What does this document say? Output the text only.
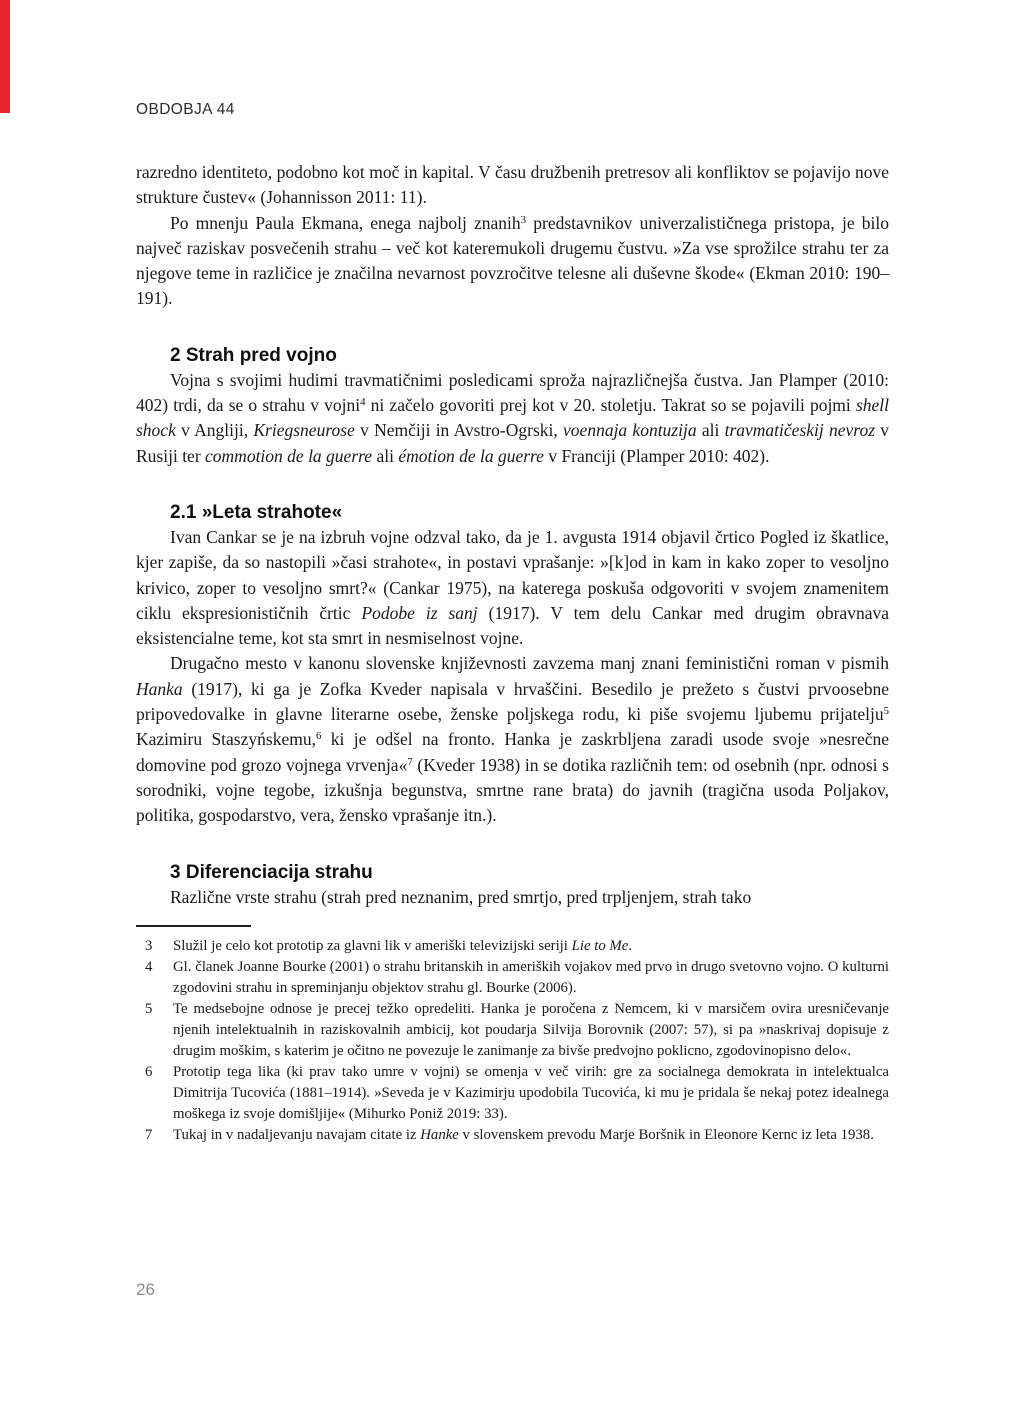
OBDOBJA 44

razredno identiteto, podobno kot moč in kapital. V času družbenih pretresov ali konfliktov se pojavijo nove strukture čustev« (Johannisson 2011: 11).

Po mnenju Paula Ekmana, enega najbolj znanih$^3$ predstavnikov univerzalističnega pristopa, je bilo največ raziskav posvečenih strahu – več kot kateremukoli drugemu čustvu. »Za vse sprožilce strahu ter za njegove teme in različice je značilna nevarnost povzročitve telesne ali duševne škode« (Ekman 2010: 190–191).

2 Strah pred vojno

Vojna s svojimi hudimi travmatičnimi posledicami sproža najrazličnejša čustva. Jan Plamper (2010: 402) trdi, da se o strahu v vojni$^4$ ni začelo govoriti prej kot v 20. stoletju. Takrat so se pojavili pojmi shell shock v Angliji, Kriegsneurose v Nemčiji in Avstro-Ogrski, voennaja kontuzija ali travmatičeskij nevroz v Rusiji ter commotion de la guerre ali émotion de la guerre v Franciji (Plamper 2010: 402).

2.1 »Leta strahote«

Ivan Cankar se je na izbruh vojne odzval tako, da je 1. avgusta 1914 objavil črtico Pogled iz škatlice, kjer zapiše, da so nastopili »časi strahote«, in postavi vprašanje: »[k]od in kam in kako zoper to vesoljno krivico, zoper to vesoljno smrt?« (Cankar 1975), na katerega poskuša odgovoriti v svojem znamenitem ciklu ekspresionističnih črtic Podobe iz sanj (1917). V tem delu Cankar med drugim obravnava eksistencialne teme, kot sta smrt in nesmiselnost vojne.

Drugačno mesto v kanonu slovenske književnosti zavzema manj znani feministični roman v pismih Hanka (1917), ki ga je Zofka Kveder napisala v hrvaščini. Besedilo je prežeto s čustvi prvoosebne pripovedovalke in glavne literarne osebe, ženske poljskega rodu, ki piše svojemu ljubemu prijatelju$^5$ Kazimiru Staszyńskemu,$^6$ ki je odšel na fronto. Hanka je zaskrbljena zaradi usode svoje »nesrečne domovine pod grozo vojnega vrvenja«$^7$ (Kveder 1938) in se dotika različnih tem: od osebnih (npr. odnosi s sorodniki, vojne tegobe, izkušnja begunstva, smrtne rane brata) do javnih (tragična usoda Poljakov, politika, gospodarstvo, vera, žensko vprašanje itn.).

3 Diferenciacija strahu

Različne vrste strahu (strah pred neznanim, pred smrtjo, pred trpljenjem, strah tako

3	Služil je celo kot prototip za glavni lik v ameriški televizijski seriji Lie to Me.
4	Gl. članek Joanne Bourke (2001) o strahu britanskih in ameriških vojakov med prvo in drugo svetovno vojno. O kulturni zgodovini strahu in spreminjanju objektov strahu gl. Bourke (2006).
5	Te medsebojne odnose je precej težko opredeliti. Hanka je poročena z Nemcem, ki v marsičem ovira uresničevanje njenih intelektualnih in raziskovalnih ambicij, kot poudarja Silvija Borovnik (2007: 57), si pa »naskrivaj dopisuje z drugim moškim, s katerim je očitno ne povezuje le zanimanje za bivše predvojno poklicno, zgodovinopisno delo«.
6	Prototip tega lika (ki prav tako umre v vojni) se omenja v več virih: gre za socialnega demokrata in intelektualca Dimitrija Tucovića (1881–1914). »Seveda je v Kazimirju upodobila Tucovića, ki mu je pridala še nekaj potez idealnega moškega iz svoje domišljije« (Mihurko Poniž 2019: 33).
7	Tukaj in v nadaljevanju navajam citate iz Hanke v slovenskem prevodu Marje Boršnik in Eleonore Kernc iz leta 1938.
26
